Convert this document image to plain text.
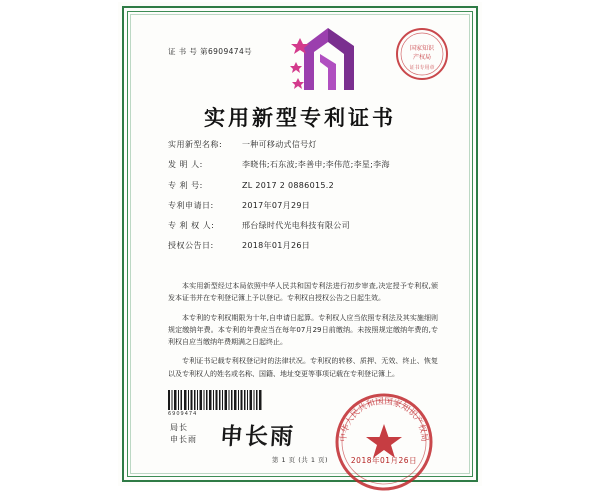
证 书 号 第6909474号	国家知识
产权局
证书专用章
实用新型专利证书
实用新型名称:	一种可移动式信号灯
发 明 人:	李晓伟;石东波;李善申;李伟范;李星;李海
专 利 号:	ZL 2017 2 0886015.2
专利申请日:	2017年07月29日
专 利 权 人:	邢台绿时代光电科技有限公司
授权公告日:	2018年01月26日

本实用新型经过本局依照中华人民共和国专利法进行初步审查,决定授予专利权,颁发本证书并在专利登记簿上予以登记。专利权自授权公告之日起生效。

本专利的专利权期限为十年,自申请日起算。专利权人应当依照专利法及其实施细则规定缴纳年费。本专利的年费应当在每年07月29日前缴纳。未按照规定缴纳年费的,专利权自应当缴纳年费期满之日起终止。

专利证书记载专利权登记时的法律状况。专利权的转移、质押、无效、终止、恢复以及专利权人的姓名或名称、国籍、地址变更等事项记载在专利登记簿上。

6909474
局长
申长雨 申长雨	中华人民共和国国家知识产权局
2018年01月26日
第 1 页 (共 1 页)
